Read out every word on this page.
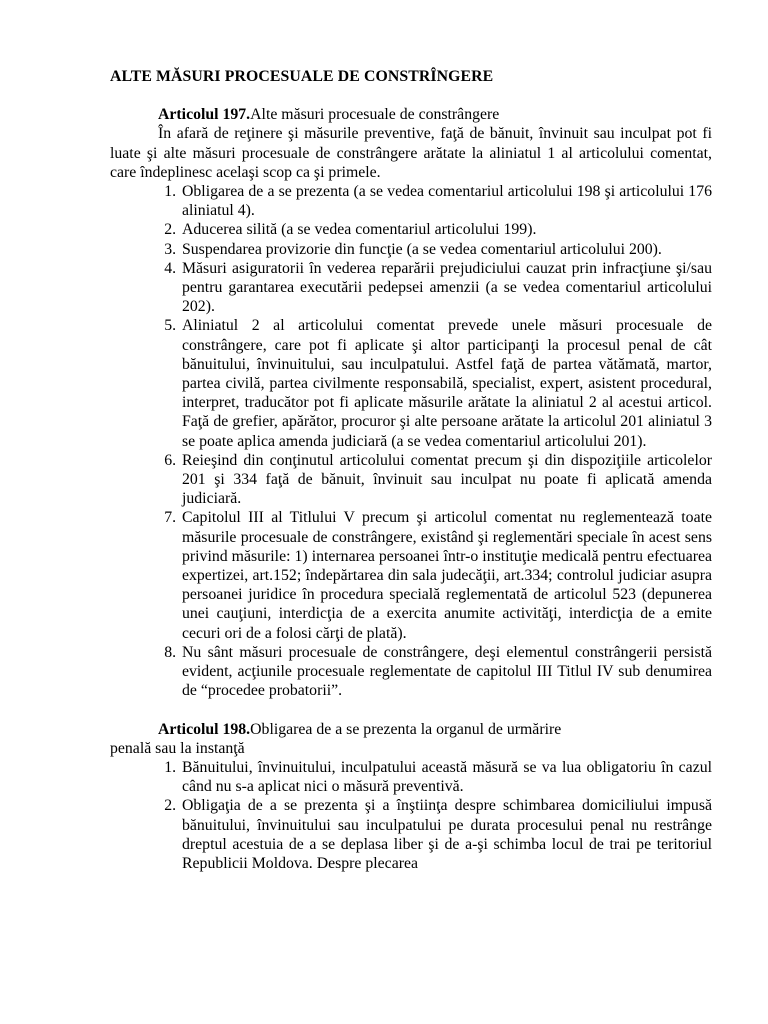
ALTE MĂSURI PROCESUALE DE CONSTRÎNGERE
Articolul 197.Alte măsuri procesuale de constrângere

În afară de reţinere şi măsurile preventive, faţă de bănuit, învinuit sau inculpat pot fi luate şi alte măsuri procesuale de constrângere arătate la aliniatul 1 al articolului comentat, care îndeplinesc acelaşi scop ca şi primele.

1. Obligarea de a se prezenta (a se vedea comentariul articolului 198 şi articolului 176 aliniatul 4).
2. Aducerea silită (a se vedea comentariul articolului 199).
3. Suspendarea provizorie din funcţie (a se vedea comentariul articolului 200).
4. Măsuri asiguratorii în vederea reparării prejudiciului cauzat prin infracţiune şi/sau pentru garantarea executării pedepsei amenzii (a se vedea comentariul articolului 202).
5. Aliniatul 2 al articolului comentat prevede unele măsuri procesuale de constrângere, care pot fi aplicate şi altor participanţi la procesul penal de cât bănuitului, învinuitului, sau inculpatului. Astfel faţă de partea vătămată, martor, partea civilă, partea civilmente responsabilă, specialist, expert, asistent procedural, interpret, traducător pot fi aplicate măsurile arătate la aliniatul 2 al acestui articol. Faţă de grefier, apărător, procuror şi alte persoane arătate la articolul 201 aliniatul 3 se poate aplica amenda judiciară (a se vedea comentariul articolului 201).
6. Reieşind din conţinutul articolului comentat precum şi din dispoziţiile articolelor 201 şi 334 faţă de bănuit, învinuit sau inculpat nu poate fi aplicată amenda judiciară.
7. Capitolul III al Titlului V precum şi articolul comentat nu reglementează toate măsurile procesuale de constrângere, existând şi reglementări speciale în acest sens privind măsurile: 1) internarea persoanei într-o instituţie medicală pentru efectuarea expertizei, art.152; îndepărtarea din sala judecăţii, art.334; controlul judiciar asupra persoanei juridice în procedura specială reglementată de articolul 523 (depunerea unei cauţiuni, interdicţia de a exercita anumite activităţi, interdicţia de a emite cecuri ori de a folosi cărţi de plată).
8. Nu sânt măsuri procesuale de constrângere, deşi elementul constrângerii persistă evident, acţiunile procesuale reglementate de capitolul III Titlul IV sub denumirea de “procedee probatorii”.
Articolul 198.Obligarea de a se prezenta la organul de urmărire
penală sau la instanţă
1. Bănuitului, învinuitului, inculpatului această măsură se va lua obligatoriu în cazul când nu s-a aplicat nici o măsură preventivă.
2. Obligaţia de a se prezenta şi a înştiinţa despre schimbarea domiciliului impusă bănuitului, învinuitului sau inculpatului pe durata procesului penal nu restrânge dreptul acestuia de a se deplasa liber şi de a-şi schimba locul de trai pe teritoriul Republicii Moldova. Despre plecarea
